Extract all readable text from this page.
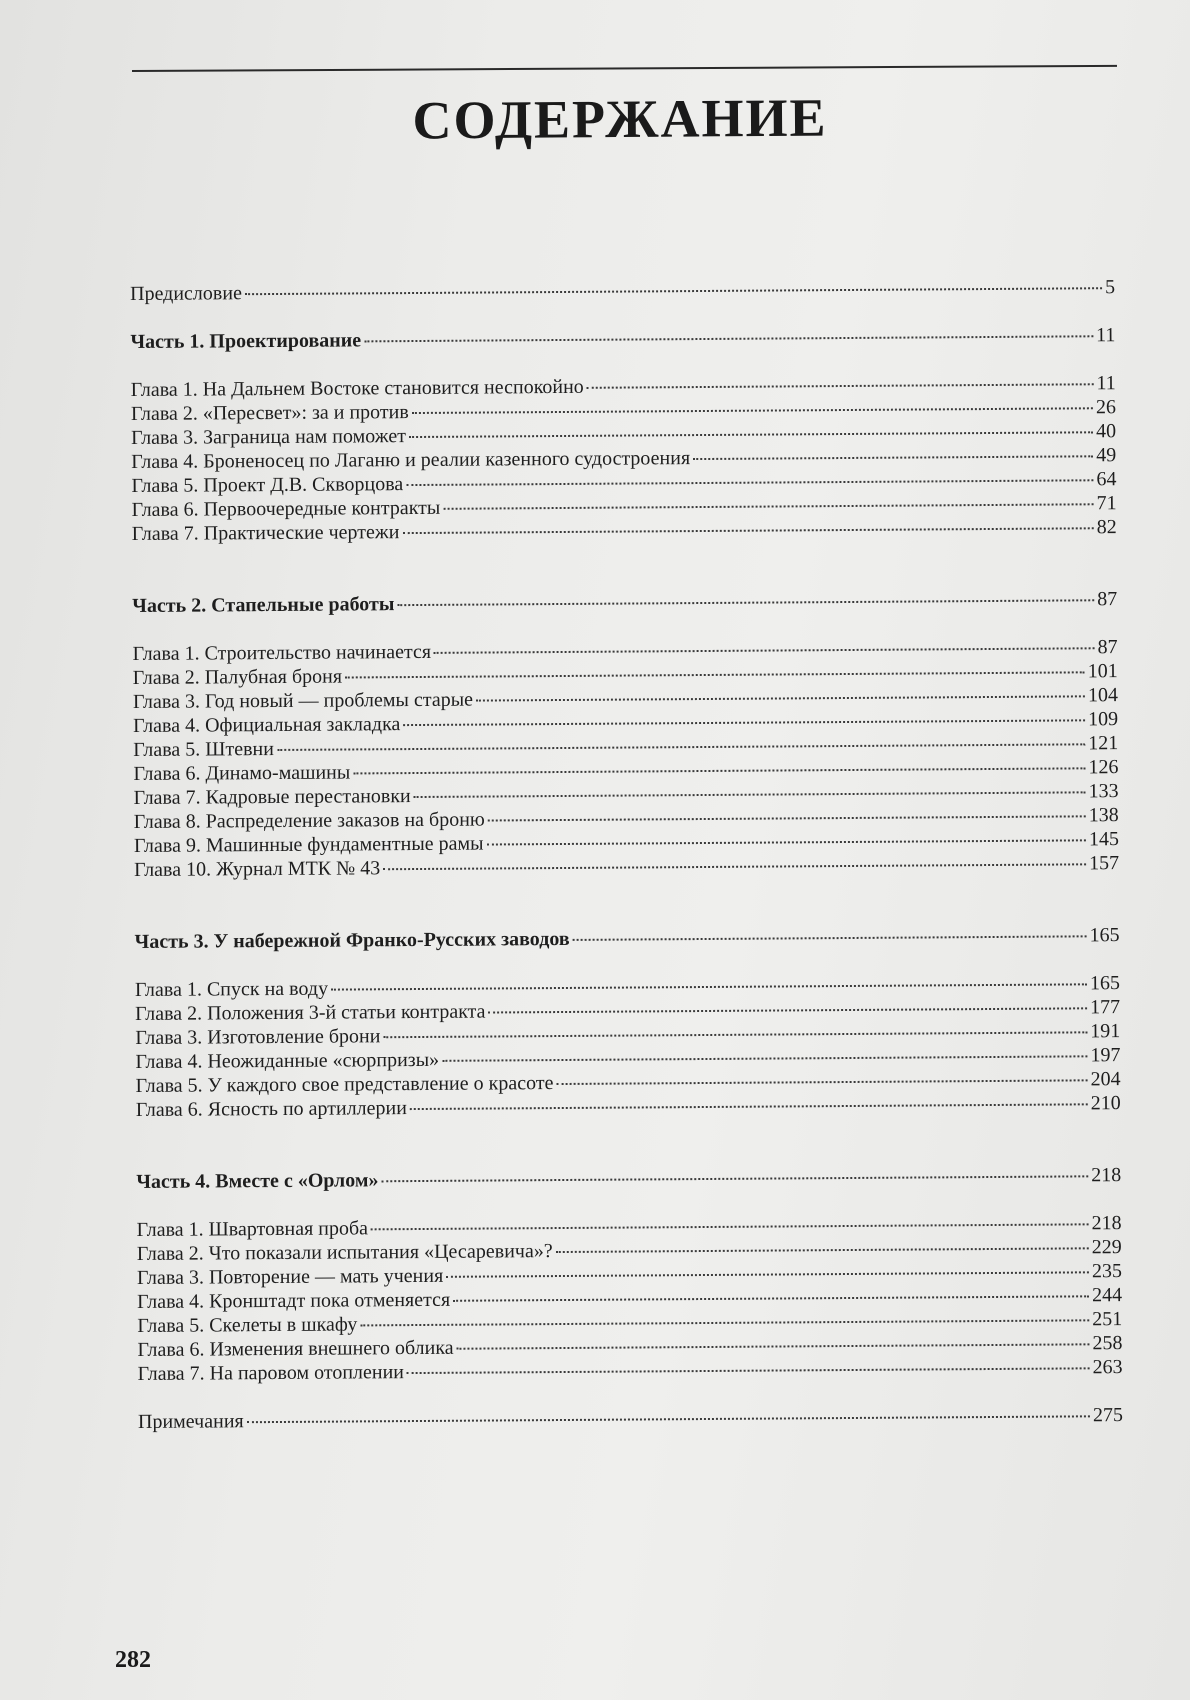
СОДЕРЖАНИЕ
Предисловие	5
Часть 1. Проектирование	11
Глава 1. На Дальнем Востоке становится неспокойно	11
Глава 2. «Пересвет»: за и против	26
Глава 3. Заграница нам поможет	40
Глава 4. Броненосец по Лаганю и реалии казенного судостроения	49
Глава 5. Проект Д.В. Скворцова	64
Глава 6. Первоочередные контракты	71
Глава 7. Практические чертежи	82
Часть 2. Стапельные работы	87
Глава 1. Строительство начинается	87
Глава 2. Палубная броня	101
Глава 3. Год новый — проблемы старые	104
Глава 4. Официальная закладка	109
Глава 5. Штевни	121
Глава 6. Динамо-машины	126
Глава 7. Кадровые перестановки	133
Глава 8. Распределение заказов на броню	138
Глава 9. Машинные фундаментные рамы	145
Глава 10. Журнал МТК № 43	157
Часть 3. У набережной Франко-Русских заводов	165
Глава 1. Спуск на воду	165
Глава 2. Положения 3-й статьи контракта	177
Глава 3. Изготовление брони	191
Глава 4. Неожиданные «сюрпризы»	197
Глава 5. У каждого свое представление о красоте	204
Глава 6. Ясность по артиллерии	210
Часть 4. Вместе с «Орлом»	218
Глава 1. Швартовная проба	218
Глава 2. Что показали испытания «Цесаревича»?	229
Глава 3. Повторение — мать учения	235
Глава 4. Кронштадт пока отменяется	244
Глава 5. Скелеты в шкафу	251
Глава 6. Изменения внешнего облика	258
Глава 7. На паровом отоплении	263
Примечания	275
282
